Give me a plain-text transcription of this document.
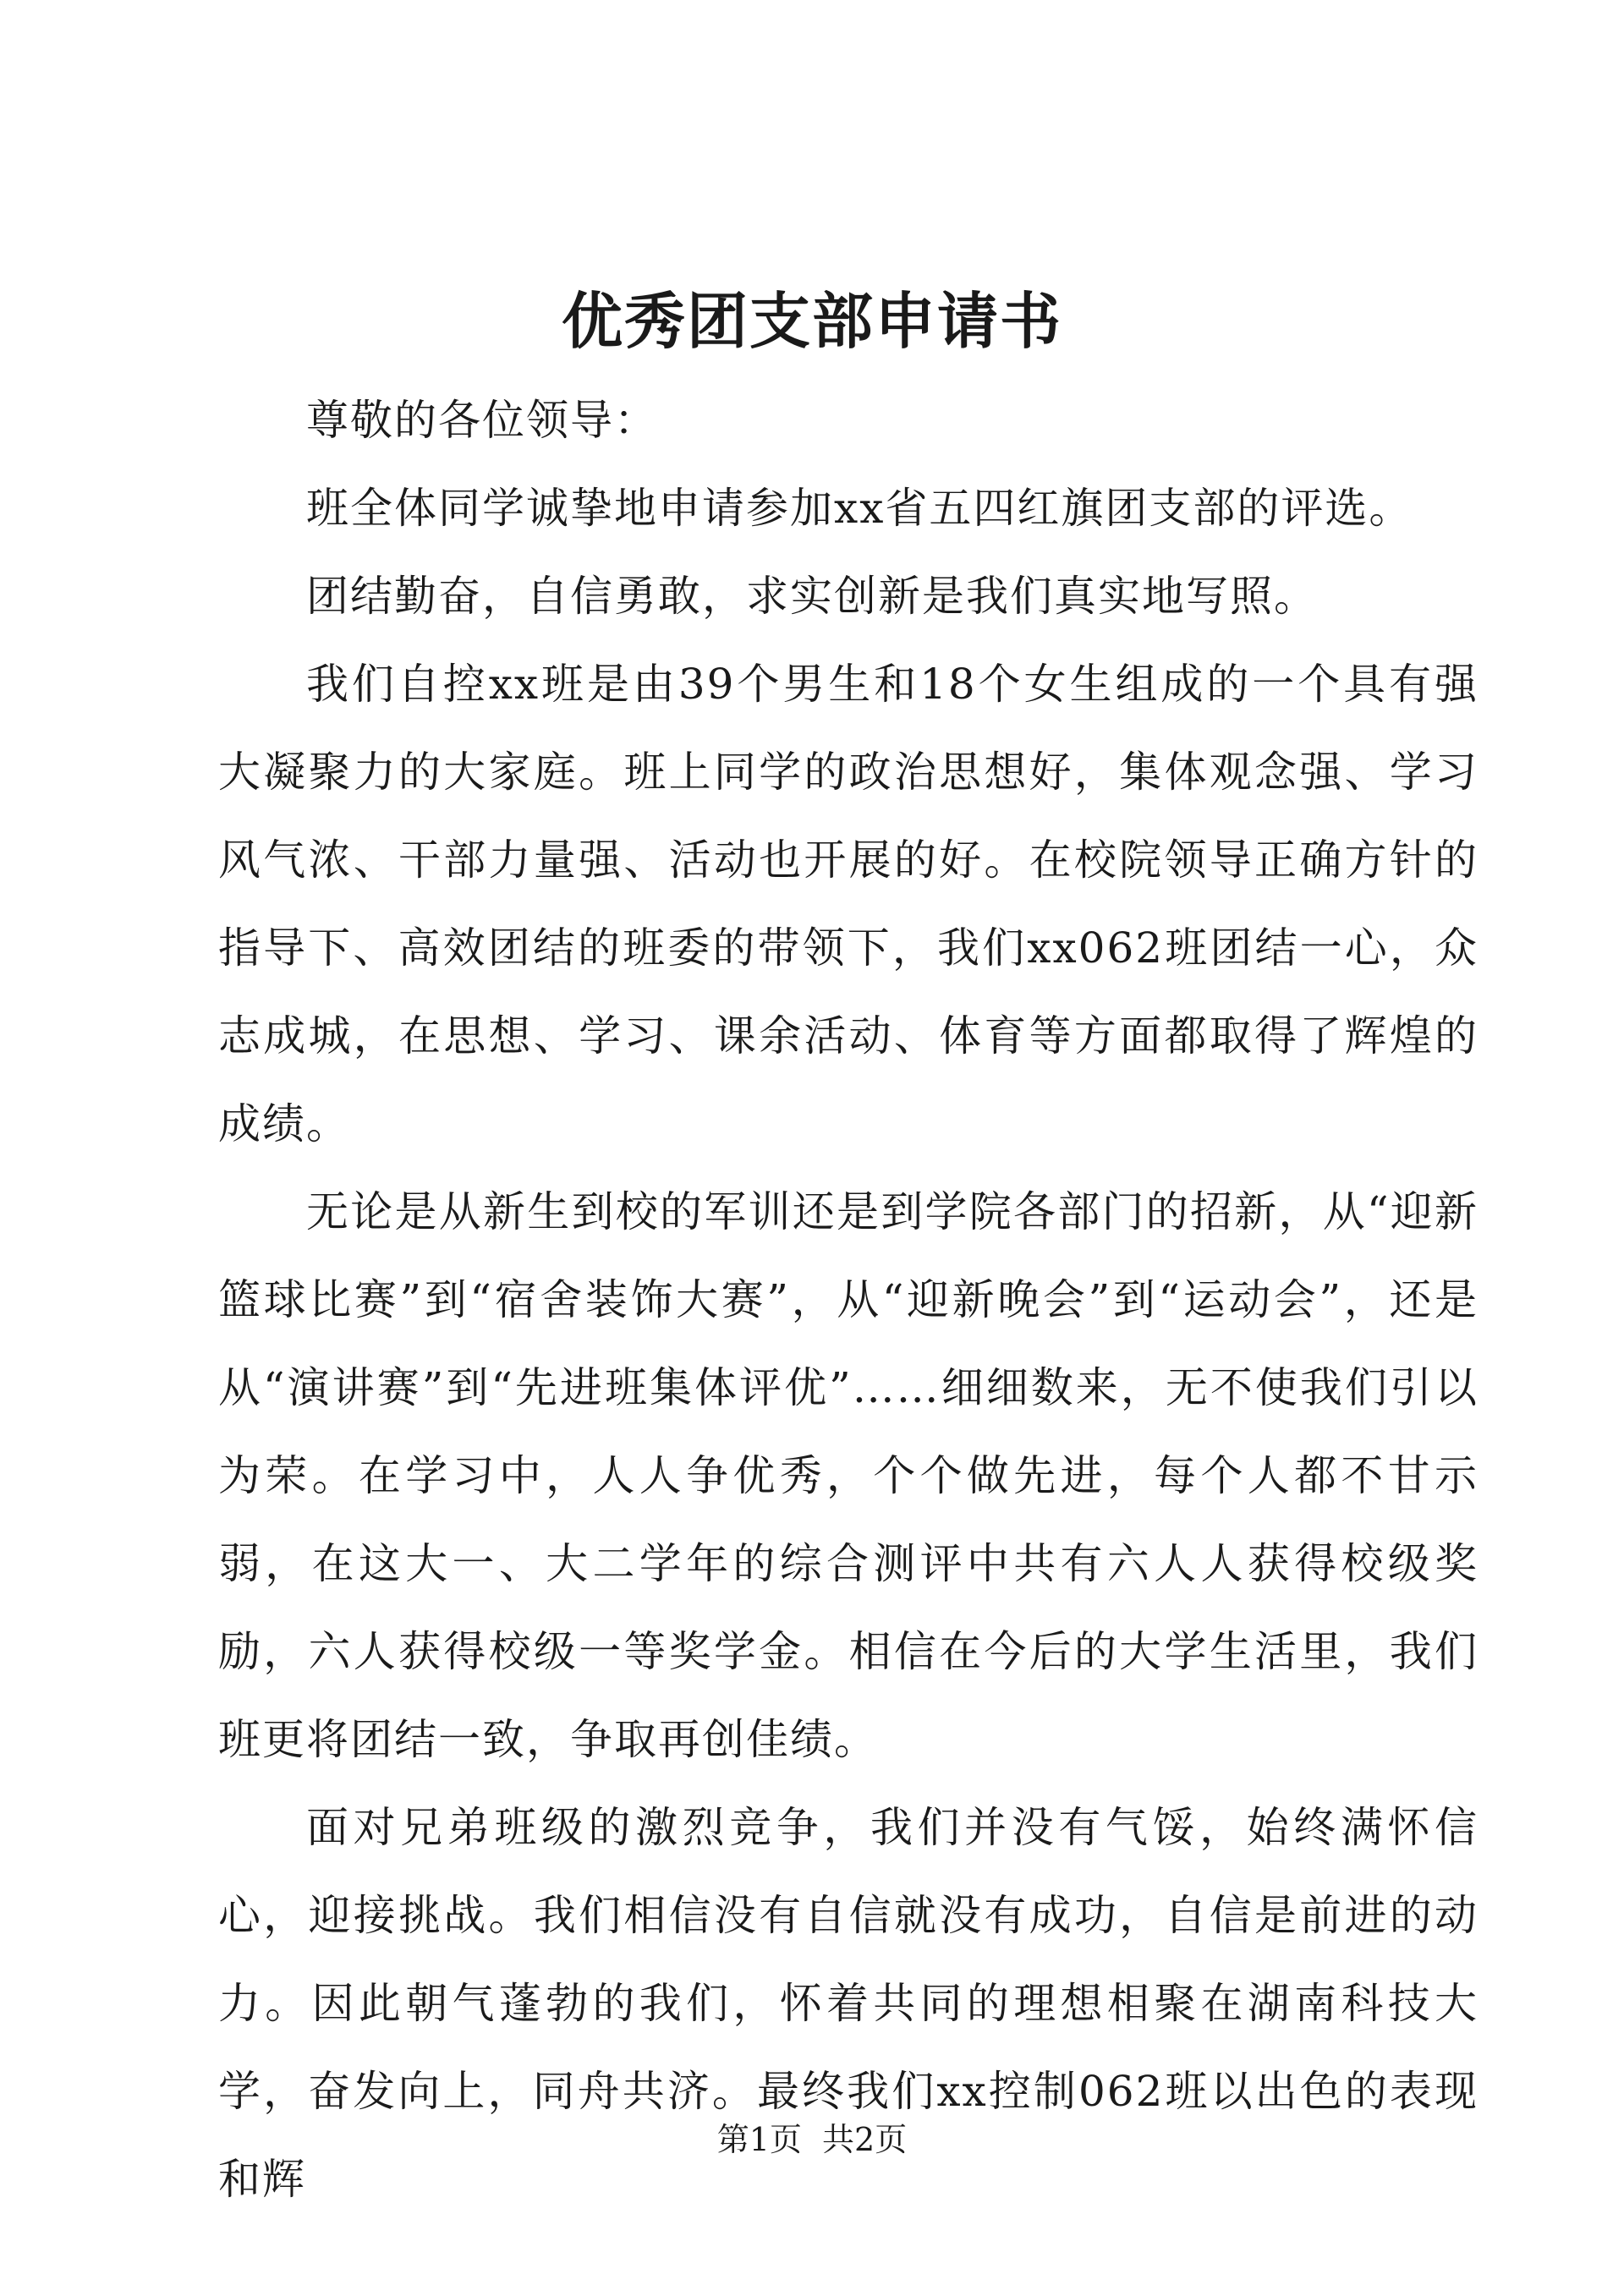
优秀团支部申请书

尊敬的各位领导：

班全体同学诚挚地申请参加xx省五四红旗团支部的评选。

团结勤奋，自信勇敢，求实创新是我们真实地写照。

我们自控xx班是由39个男生和18个女生组成的一个具有强大凝聚力的大家庭。班上同学的政治思想好，集体观念强、学习风气浓、干部力量强、活动也开展的好。在校院领导正确方针的指导下、高效团结的班委的带领下，我们xx062班团结一心，众志成城，在思想、学习、课余活动、体育等方面都取得了辉煌的成绩。

无论是从新生到校的军训还是到学院各部门的招新，从“迎新篮球比赛”到“宿舍装饰大赛”，从“迎新晚会”到“运动会”，还是从“演讲赛”到“先进班集体评优”……细细数来，无不使我们引以为荣。在学习中，人人争优秀，个个做先进，每个人都不甘示弱，在这大一、大二学年的综合测评中共有六人人获得校级奖励，六人获得校级一等奖学金。相信在今后的大学生活里，我们班更将团结一致，争取再创佳绩。

面对兄弟班级的激烈竞争，我们并没有气馁，始终满怀信心，迎接挑战。我们相信没有自信就没有成功，自信是前进的动力。因此朝气蓬勃的我们，怀着共同的理想相聚在湖南科技大学，奋发向上，同舟共济。最终我们xx控制062班以出色的表现和辉

第1页 共2页
